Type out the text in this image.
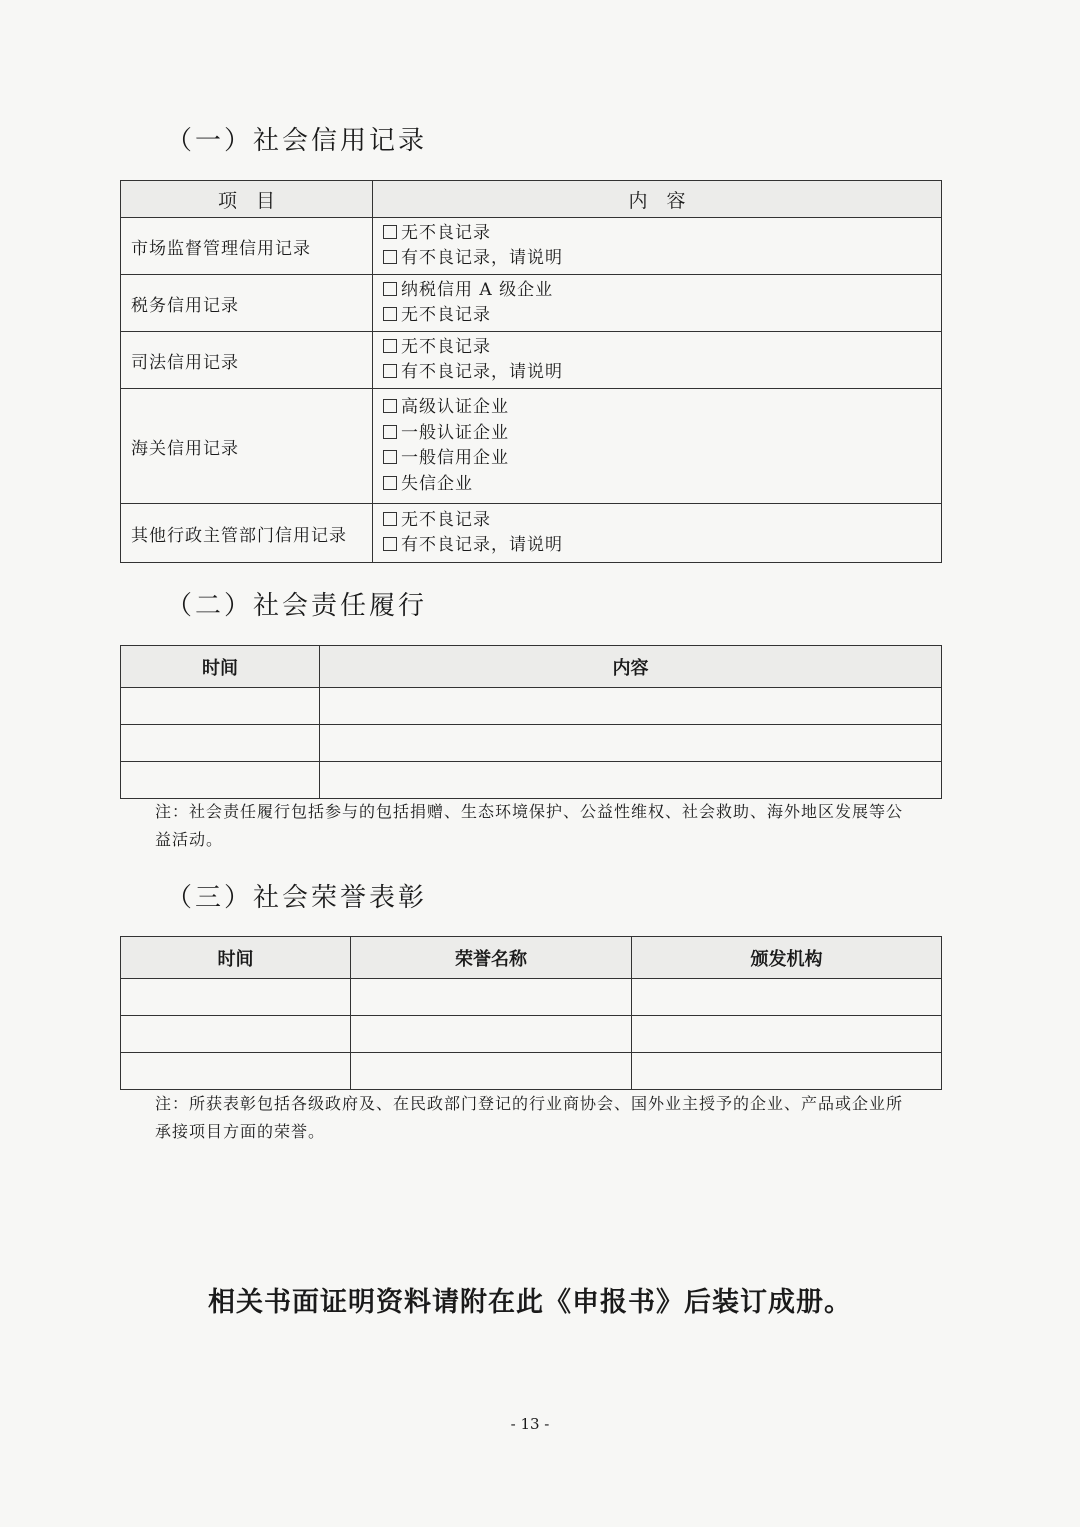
（一）社会信用记录
项　目	内　容
市场监督管理信用记录	无不良记录
有不良记录，请说明

税务信用记录	纳税信用 A 级企业
无不良记录

司法信用记录	无不良记录
有不良记录，请说明

海关信用记录	高级认证企业
一般认证企业
一般信用企业
失信企业

其他行政主管部门信用记录	无不良记录
有不良记录，请说明
（二）社会责任履行
时间	内容

注：社会责任履行包括参与的包括捐赠、生态环境保护、公益性维权、社会救助、海外地区发展等公益活动。
（三）社会荣誉表彰
时间	荣誉名称	颁发机构

注：所获表彰包括各级政府及、在民政部门登记的行业商协会、国外业主授予的企业、产品或企业所承接项目方面的荣誉。
相关书面证明资料请附在此《申报书》后装订成册。
- 13 -
